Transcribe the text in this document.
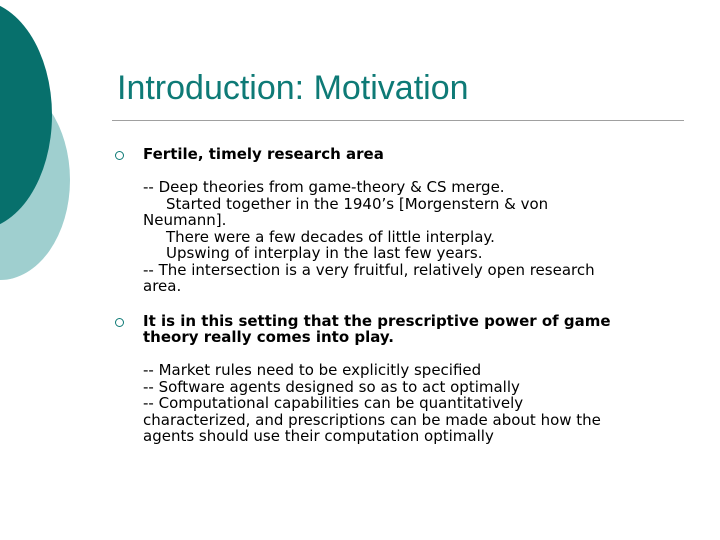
Introduction: Motivation

Fertile, timely research area

-- Deep theories from game-theory & CS merge.
Started together in the 1940’s [Morgenstern & von
Neumann].
There were a few decades of little interplay.
Upswing of interplay in the last few years.
-- The intersection is a very fruitful, relatively open research
area.

It is in this setting that the prescriptive power of game
theory really comes into play.

-- Market rules need to be explicitly specified
-- Software agents designed so as to act optimally
-- Computational capabilities can be quantitatively
characterized, and prescriptions can be made about how the
agents should use their computation optimally
